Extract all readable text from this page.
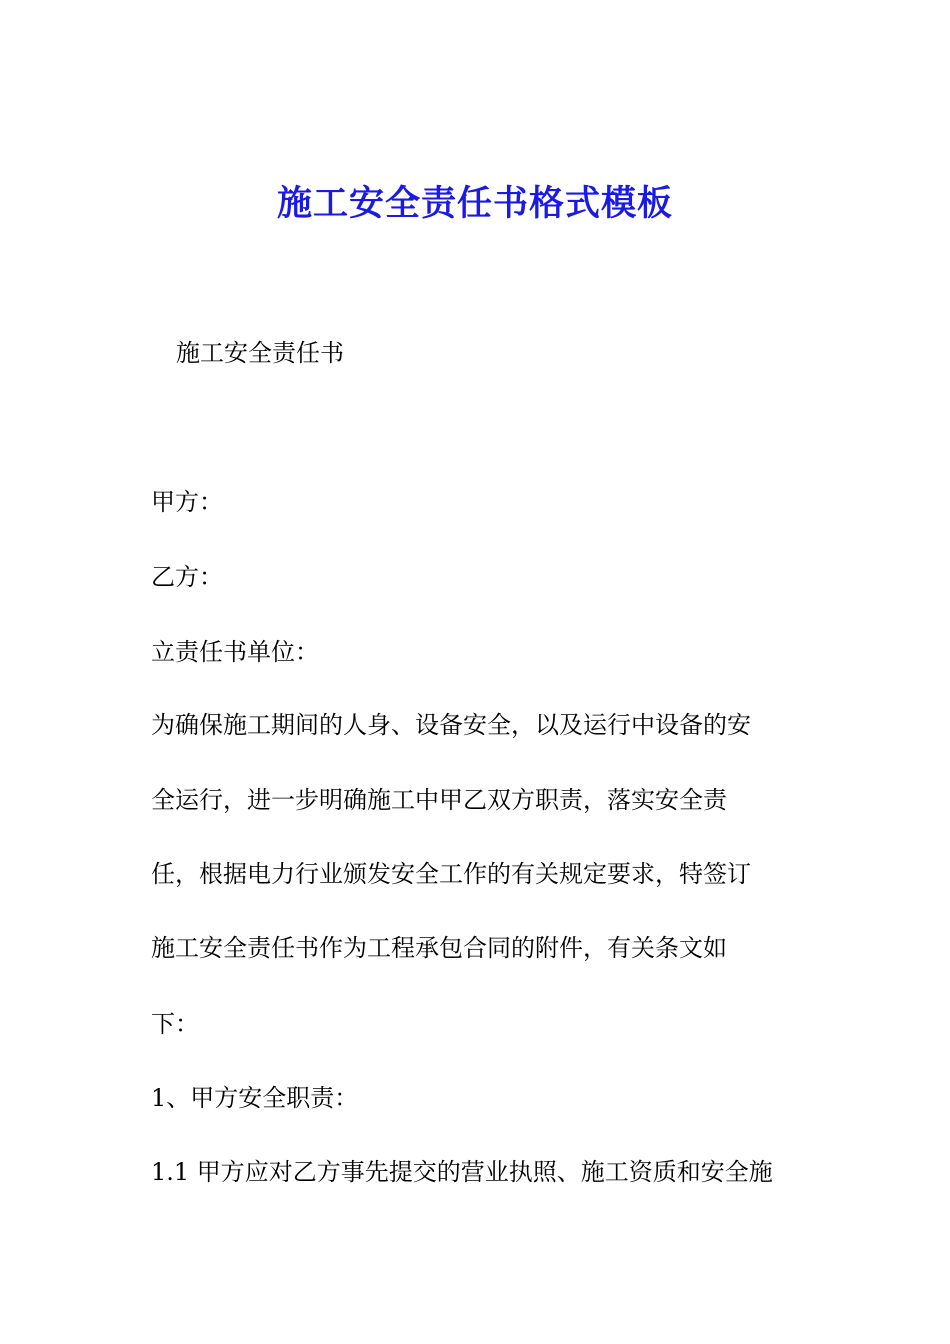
施工安全责任书格式模板
施工安全责任书
甲方：
乙方：
立责任书单位：
为确保施工期间的人身、设备安全，以及运行中设备的安
全运行，进一步明确施工中甲乙双方职责，落实安全责
任，根据电力行业颁发安全工作的有关规定要求，特签订
施工安全责任书作为工程承包合同的附件，有关条文如
下：
1、甲方安全职责：
1.1 甲方应对乙方事先提交的营业执照、施工资质和安全施
